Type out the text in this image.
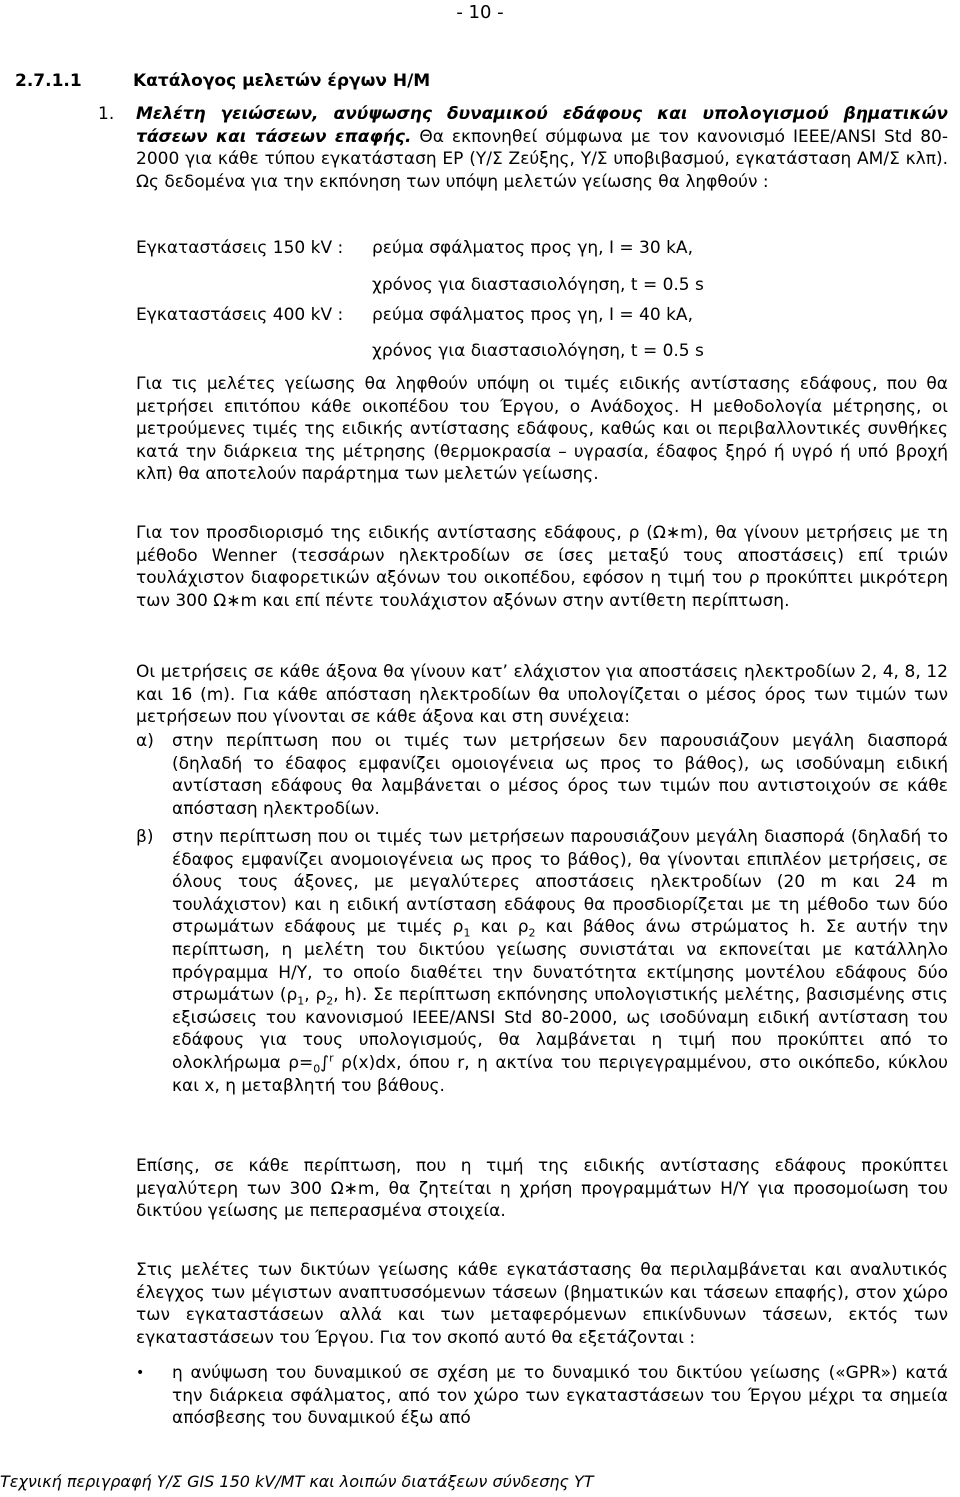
- 10 -
2.7.1.1	Κατάλογος μελετών έργων Η/Μ
1. Μελέτη γειώσεων, ανύψωσης δυναμικού εδάφους και υπολογισμού βηματικών τάσεων και τάσεων επαφής. Θα εκπονηθεί σύμφωνα με τον κανονισμό IEEE/ANSI Std 80-2000 για κάθε τύπου εγκατάσταση ΕΡ (Υ/Σ Ζεύξης, Υ/Σ υποβιβασμού, εγκατάσταση ΑΜ/Σ κλπ). Ως δεδομένα για την εκπόνηση των υπόψη μελετών γείωσης θα ληφθούν :
Εγκαταστάσεις 150 kV : ρεύμα σφάλματος προς γη, I = 30 kA,
χρόνος για διαστασιολόγηση, t = 0.5 s
Εγκαταστάσεις 400 kV : ρεύμα σφάλματος προς γη, I = 40 kA,
χρόνος για διαστασιολόγηση, t = 0.5 s
Για τις μελέτες γείωσης θα ληφθούν υπόψη οι τιμές ειδικής αντίστασης εδάφους, που θα μετρήσει επιτόπου κάθε οικοπέδου του Έργου, ο Ανάδοχος. Η μεθοδολογία μέτρησης, οι μετρούμενες τιμές της ειδικής αντίστασης εδάφους, καθώς και οι περιβαλλοντικές συνθήκες κατά την διάρκεια της μέτρησης (θερμοκρασία – υγρασία, έδαφος ξηρό ή υγρό ή υπό βροχή κλπ) θα αποτελούν παράρτημα των μελετών γείωσης.
Για τον προσδιορισμό της ειδικής αντίστασης εδάφους, ρ (Ω∗m), θα γίνουν μετρήσεις με τη μέθοδο Wenner (τεσσάρων ηλεκτροδίων σε ίσες μεταξύ τους αποστάσεις) επί τριών τουλάχιστον διαφορετικών αξόνων του οικοπέδου, εφόσον η τιμή του ρ προκύπτει μικρότερη των 300 Ω∗m και επί πέντε τουλάχιστον αξόνων στην αντίθετη περίπτωση.
Οι μετρήσεις σε κάθε άξονα θα γίνουν κατ’ ελάχιστον για αποστάσεις ηλεκτροδίων 2, 4, 8, 12 και 16 (m). Για κάθε απόσταση ηλεκτροδίων θα υπολογίζεται ο μέσος όρος των τιμών των μετρήσεων που γίνονται σε κάθε άξονα και στη συνέχεια:
α) στην περίπτωση που οι τιμές των μετρήσεων δεν παρουσιάζουν μεγάλη διασπορά (δηλαδή το έδαφος εμφανίζει ομοιογένεια ως προς το βάθος), ως ισοδύναμη ειδική αντίσταση εδάφους θα λαμβάνεται ο μέσος όρος των τιμών που αντιστοιχούν σε κάθε απόσταση ηλεκτροδίων.
β) στην περίπτωση που οι τιμές των μετρήσεων παρουσιάζουν μεγάλη διασπορά (δηλαδή το έδαφος εμφανίζει ανομοιογένεια ως προς το βάθος), θα γίνονται επιπλέον μετρήσεις, σε όλους τους άξονες, με μεγαλύτερες αποστάσεις ηλεκτροδίων (20 m και 24 m τουλάχιστον) και η ειδική αντίσταση εδάφους θα προσδιορίζεται με τη μέθοδο των δύο στρωμάτων εδάφους με τιμές $\rho_1$ και $\rho_2$ και βάθος άνω στρώματος h. Σε αυτήν την περίπτωση, η μελέτη του δικτύου γείωσης συνιστάται να εκπονείται με κατάλληλο πρόγραμμα Η/Υ, το οποίο διαθέτει την δυνατότητα εκτίμησης μοντέλου εδάφους δύο στρωμάτων ($\rho_1$, $\rho_2$, h). Σε περίπτωση εκπόνησης υπολογιστικής μελέτης, βασισμένης στις εξισώσεις του κανονισμού IEEE/ANSI Std 80-2000, ως ισοδύναμη ειδική αντίσταση του εδάφους για τους υπολογισμούς, θα λαμβάνεται η τιμή που προκύπτει από το ολοκλήρωμα $\rho=_0\int^r$ ρ(x)dx, όπου r, η ακτίνα του περιγεγραμμένου, στο οικόπεδο, κύκλου και x, η μεταβλητή του βάθους.
Επίσης, σε κάθε περίπτωση, που η τιμή της ειδικής αντίστασης εδάφους προκύπτει μεγαλύτερη των 300 Ω∗m, θα ζητείται η χρήση προγραμμάτων Η/Υ για προσομοίωση του δικτύου γείωσης με πεπερασμένα στοιχεία.
Στις μελέτες των δικτύων γείωσης κάθε εγκατάστασης θα περιλαμβάνεται και αναλυτικός έλεγχος των μέγιστων αναπτυσσόμενων τάσεων (βηματικών και τάσεων επαφής), στον χώρο των εγκαταστάσεων αλλά και των μεταφερόμενων επικίνδυνων τάσεων, εκτός των εγκαταστάσεων του Έργου. Για τον σκοπό αυτό θα εξετάζονται :
• η ανύψωση του δυναμικού σε σχέση με το δυναμικό του δικτύου γείωσης («GPR») κατά την διάρκεια σφάλματος, από τον χώρο των εγκαταστάσεων του Έργου μέχρι τα σημεία απόσβεσης του δυναμικού έξω από
Τεχνική περιγραφή Υ/Σ GIS 150 kV/ΜΤ και λοιπών διατάξεων σύνδεσης ΥΤ
